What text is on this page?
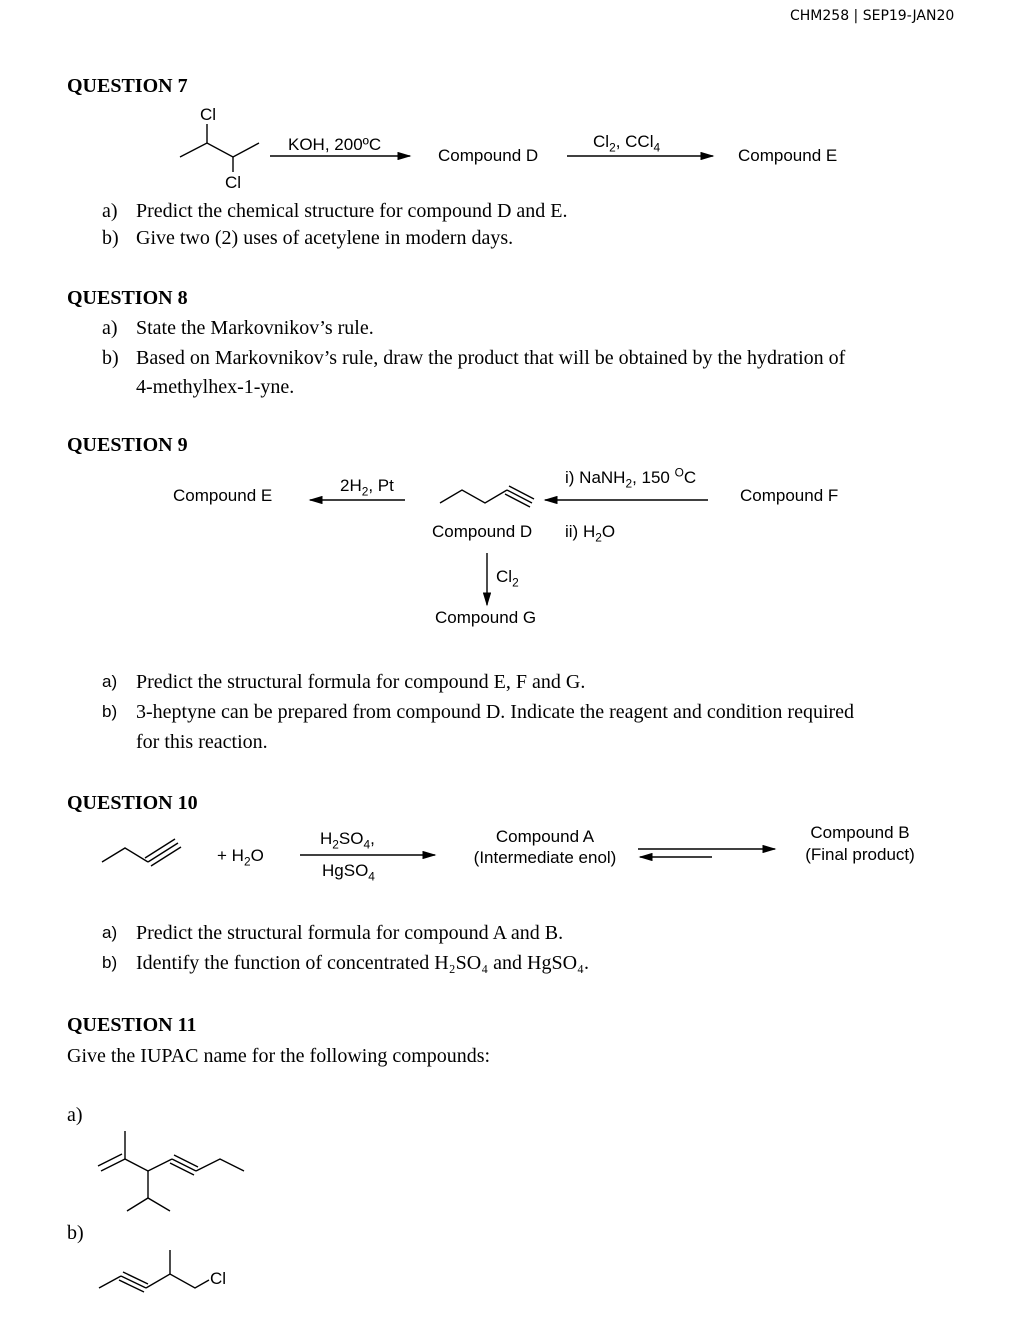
CHM258 | SEP19-JAN20
QUESTION 7
Cl
Cl
KOH, 200ºC
Compound D
$Cl_2$, CCl$_4$	Compound E
a) Predict the chemical structure for compound D and E.
b) Give two (2) uses of acetylene in modern days.
QUESTION 8
a) State the Markovnikov’s rule.
b) Based on Markovnikov’s rule, draw the product that will be obtained by the hydration of
4-methylhex-1-yne.
QUESTION 9
Compound E
$2H_2$, Pt	i) NaNH$_2$, 150 $^O$C
Compound F
Compound D ii) $H_2O$
$Cl_2$
Compound G
a) Predict the structural formula for compound E, F and G.
b) 3-heptyne can be prepared from compound D. Indicate the reagent and condition required
for this reaction.
QUESTION 10
+ $H_2O$
$H_2SO_4$,
HgSO$_4$
Compound A
(Intermediate enol)
Compound B
(Final product)
a) Predict the structural formula for compound A and B.
b) Identify the function of concentrated H₂SO₄ and HgSO₄.
QUESTION 11
Give the IUPAC name for the following compounds:
a)
b)
Cl
